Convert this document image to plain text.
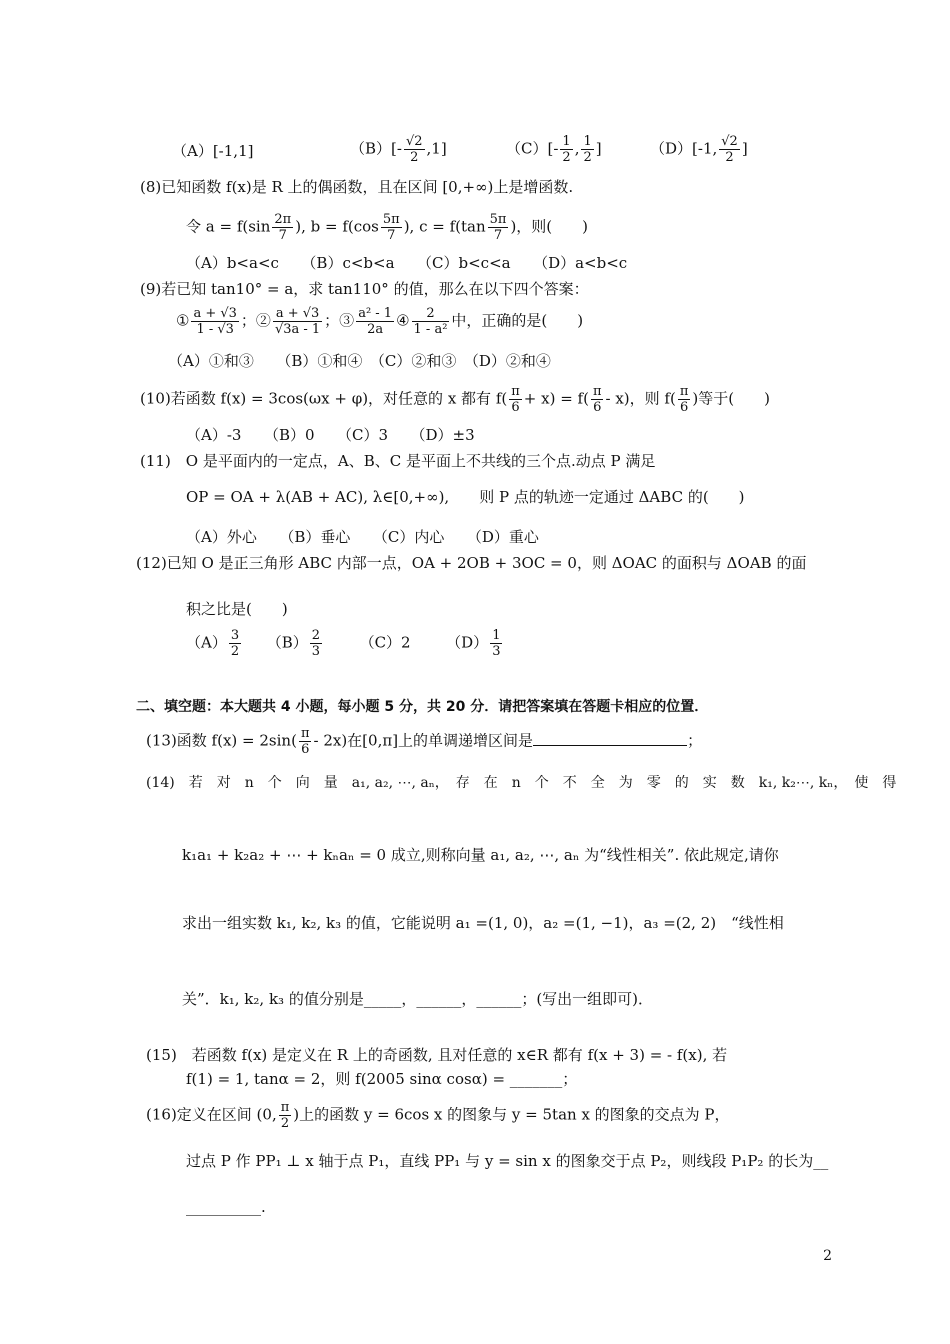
（A）[-1,1]	$(B)[- \frac{√2}{2} ,1]$	$(C)[- \frac{1}{2}$ , $\frac{1}{2}$ ]	（D）[-1, $\frac{√2}{2}$ ]
(8)已知函数 f(x)是 R 上的偶函数，且在区间 [0,+∞)上是增函数.
令 $a = f(\sin \frac{2\pi}{7}$ ), $b = f(\cos \frac{5\pi}{7}$ ), $c = f(\tan \frac{5\pi}{7}$ )，则(　　)
（A）b<a<c　　（B）c<b<a　　（C）b<c<a　　（D）a<b<c
(9)若已知 tan10° = a，求 tan110° 的值，那么在以下四个答案：
① $\frac{a + √3}{1 - √3}$ ；② $\frac{a + √3}{√3a - 1}$ ；③ $\frac{\text{a² - 1}}{2a}$ ④ $\frac{2}{\text{1 - a²}}$ 中，正确的是(　　)
（A）①和③　　（B）①和④　（C）②和③　（D）②和④
(10)若函数 f(x) = 3cos(ωx + φ)，对任意的 x 都有 $f( \frac{\pi}{6} + x) = f( \frac{\pi}{6} - x)$，则 $f( \frac{\pi}{6}$ )等于(　　)
（A）-3　　（B）0　　（C）3　　（D）±3
(11)　O 是平面内的一定点，A、B、C 是平面上不共线的三个点.动点 P 满足
OP = OA + λ(AB + AC), λ∈[0,+∞),　　则 P 点的轨迹一定通过 ΔABC 的(　　)
（A）外心　　（B）垂心　　（C）内心　　（D）重心
(12)已知 O 是正三角形 ABC 内部一点，OA + 2OB + 3OC = 0，则 ΔOAC 的面积与 ΔOAB 的面
积之比是(　　)
$(A) \frac{3}{2} (B) \frac{2}{3}$	（C）2 $(D) \frac{1}{3}$
二、填空题：本大题共 4 小题，每小题 5 分，共 20 分．请把答案填在答题卡相应的位置．
(13)函数 $f(x) = 2\sin( \frac{\pi}{6} - 2x)$在[0,π]上的单调递增区间是	；
(14)　若　对　n　个　向　量　a₁, a₂, ⋯, aₙ，　存　在　n　个　不　全　为　零　的　实　数　k₁, k₂⋯, kₙ，　使　得
k₁a₁ + k₂a₂ + ⋯ + kₙaₙ = 0 成立,则称向量 a₁, a₂, ⋯, aₙ 为“线性相关”. 依此规定,请你
求出一组实数 k₁, k₂, k₃ 的值，它能说明 a₁ =(1, 0)，a₂ =(1, −1)，a₃ =(2, 2)　“线性相
关”．k₁, k₂, k₃ 的值分别是_____，______，______；(写出一组即可)．
(15)　若函数 f(x) 是定义在 R 上的奇函数, 且对任意的 x∈R 都有 f(x + 3) = - f(x), 若
f(1) = 1, tanα = 2，则 f(2005 sinα cosα) = _______；
(16)定义在区间 (0, $\frac{\pi}{2}$ )上的函数 y = 6cos x 的图象与 y = 5tan x 的图象的交点为 P，
过点 P 作 PP₁ ⊥ x 轴于点 P₁，直线 PP₁ 与 y = sin x 的图象交于点 P₂，则线段 P₁P₂ 的长为__
__________.
2
